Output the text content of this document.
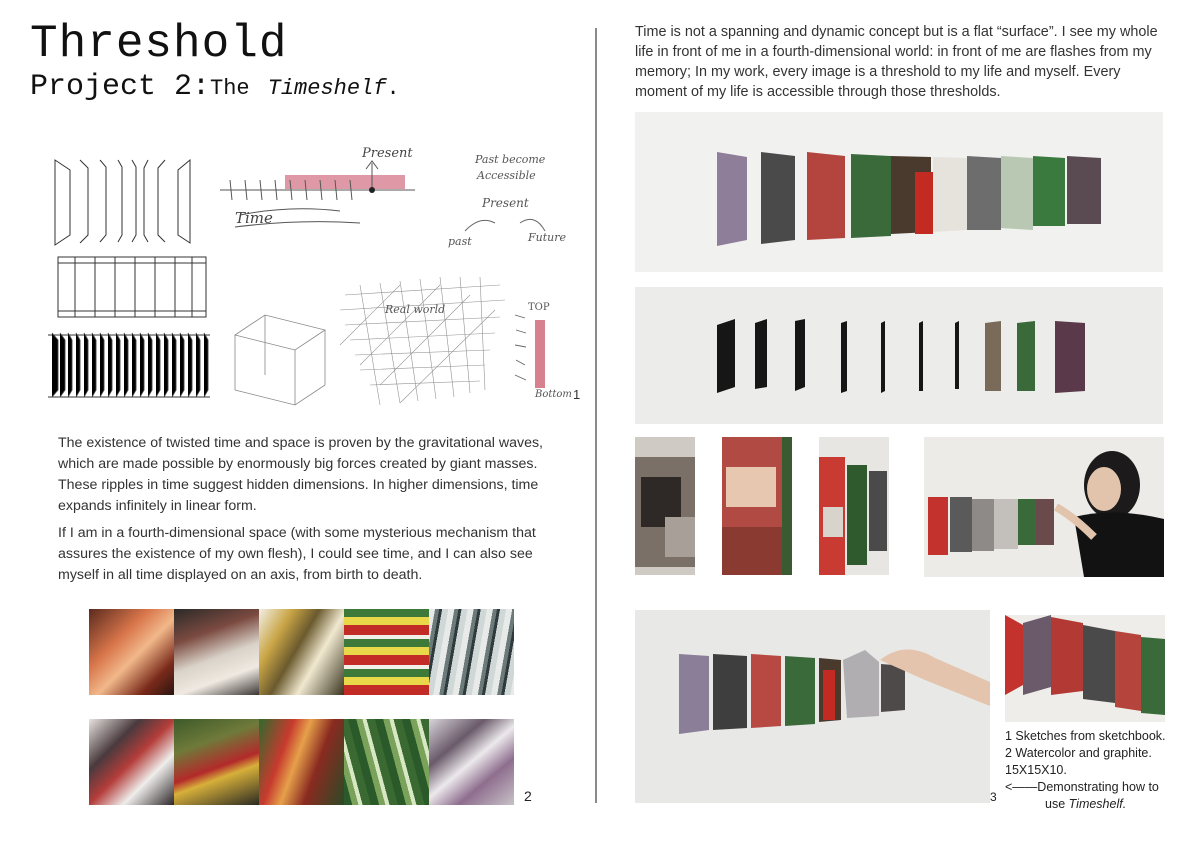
Threshold
Project 2:The Timeshelf.
Present
Time
Past become
Accessible
Present
past	Future
Real world	TOP
Bottom 1

The existence of twisted time and space is proven by the gravitational waves, which are made possible by enormously big forces created by giant masses. These ripples in time suggest hidden dimensions. In higher dimensions, time expands infinitely in linear form.

If I am in a fourth-dimensional space (with some mysterious mechanism that assures the existence of my own flesh), I could see time, and I can also see myself in all time displayed on an axis, from birth to death.

2

Time is not a spanning and dynamic concept but is a flat “surface”. I see my whole life in front of me in a fourth-dimensional world: in front of me are flashes from my memory; In my work, every image is a threshold to my life and myself. Every moment of my life is accessible through those thresholds.

3
1 Sketches from sketchbook.
2 Watercolor and graphite.
15X15X10.
<——Demonstrating how to
use Timeshelf.
